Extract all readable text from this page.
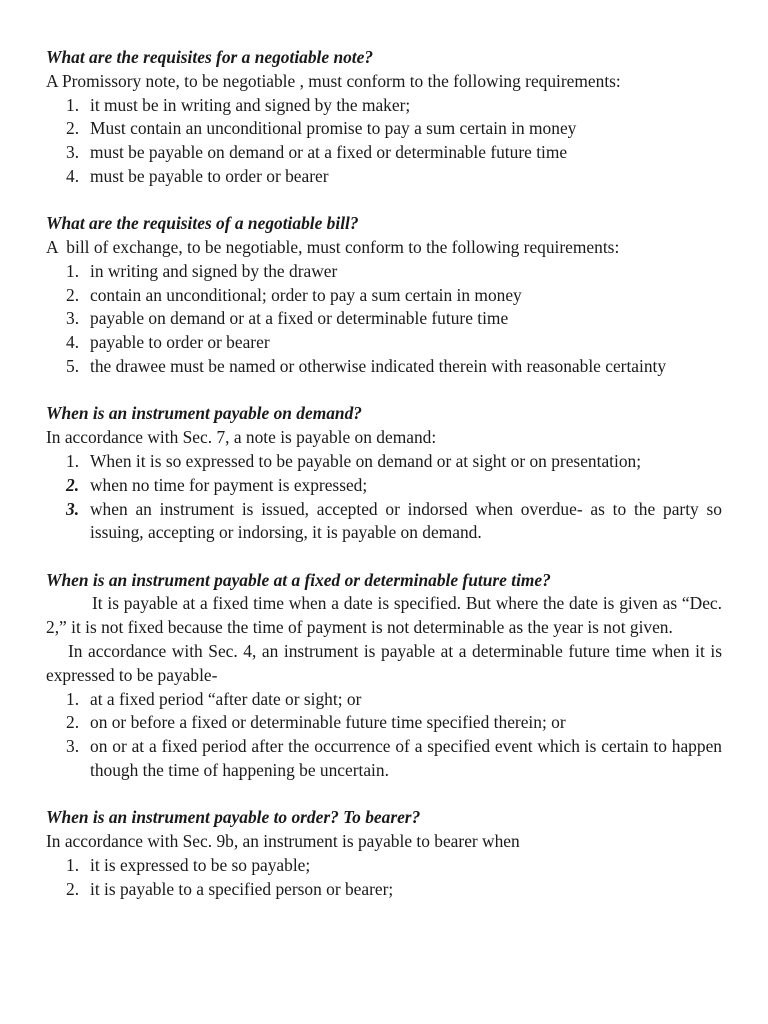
What are the requisites for a negotiable note?

A Promissory note, to be negotiable , must conform to the following requirements:

1. it must be in writing and signed by the maker;
2. Must contain an unconditional promise to pay a sum certain in money
3. must be payable on demand or at a fixed or determinable future time
4. must be payable to order or bearer

What are the requisites of a negotiable bill?

A  bill of exchange, to be negotiable, must conform to the following requirements:

1. in writing and signed by the drawer
2. contain an unconditional; order to pay a sum certain in money
3. payable on demand or at a fixed or determinable future time
4. payable to order or bearer
5. the drawee must be named or otherwise indicated therein with reasonable certainty

When is an instrument payable on demand?

In accordance with Sec. 7, a note is payable on demand:

1. When it is so expressed to be payable on demand or at sight or on presentation;
2. when no time for payment is expressed;
3. when an instrument is issued, accepted or indorsed when overdue- as to the party so issuing, accepting or indorsing, it is payable on demand.

When is an instrument payable at a fixed or determinable future time?

It is payable at a fixed time when a date is specified. But where the date is given as “Dec. 2,” it is not fixed because the time of payment is not determinable as the year is not given.

In accordance with Sec. 4, an instrument is payable at a determinable future time when it is expressed to be payable-

1. at a fixed period “after date or sight; or
2. on or before a fixed or determinable future time specified therein; or
3. on or at a fixed period after the occurrence of a specified event which is certain to happen though the time of happening be uncertain.

When is an instrument payable to order? To bearer?

In accordance with Sec. 9b, an instrument is payable to bearer when

1. it is expressed to be so payable;
2. it is payable to a specified person or bearer;
